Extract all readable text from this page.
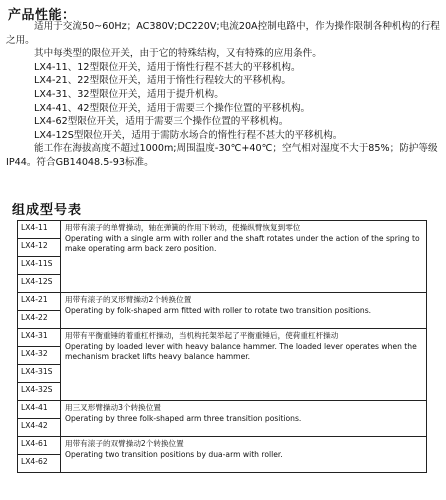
产品性能：

适用于交流50~60Hz；AC380V;DC220V;电流20A控制电路中，作为操作限制各种机构的行程之用。

其中每类型的限位开关，由于它的特殊结构，又有特殊的应用条件。

LX4-11、12型限位开关，适用于惰性行程不甚大的平移机构。

LX4-21、22型限位开关，适用于惰性行程较大的平移机构。

LX4-31、32型限位开关，适用于提升机构。

LX4-41、42型限位开关，适用于需要三个操作位置的平移机构。

LX4-62型限位开关，适用于需要三个操作位置的平移机构。

LX4-12S型限位开关，适用于需防水场合的惰性行程不甚大的平移机构。

能工作在海拔高度不超过1000m;周围温度-30℃+40℃；空气相对湿度不大于85%；防护等级IP44。符合GB14048.5-93标准。

组成型号表
LX4-11	用带有滚子的单臂操动，轴在弹簧的作用下转动，使操纵臂恢复到零位
Operating with a single arm with roller and the shaft rotates under the action of the spring to make operating arm back zero position.

LX4-12	
LX4-11S	
LX4-12S	
LX4-21	用带有滚子的叉形臂操动2个转换位置
Operating by folk-shaped arm fitted with roller to rotate two transition positions.

LX4-22	
LX4-31	用带有平衡重锤的着重杠杆操动，当机构托架举起了平衡重锤后，使荷重杠杆操动
Operating by loaded lever with heavy balance hammer. The loaded lever operates when the mechanism bracket lifts heavy balance hammer.

LX4-32	
LX4-31S	
LX4-32S	
LX4-41	用三叉形臂操动3个转换位置
Operating by three folk-shaped arm three transition positions.

LX4-42	
LX4-61	用带有滚子的双臂操动2个转换位置
Operating two transition positions by dua-arm with roller.

LX4-62	
